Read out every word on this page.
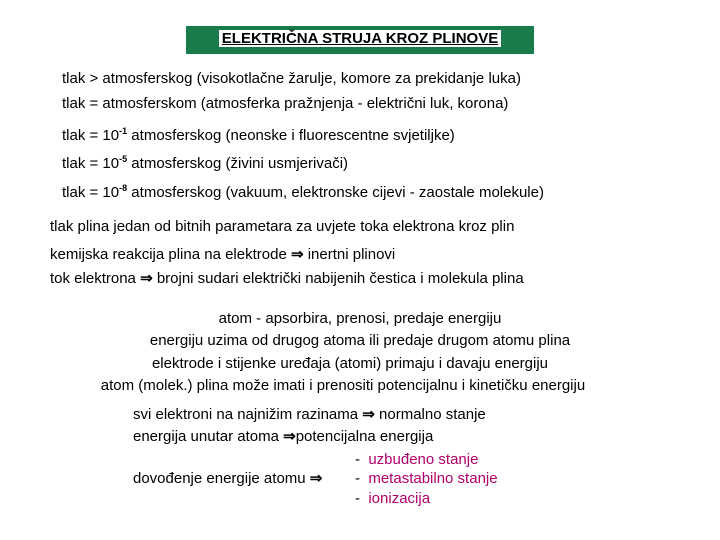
ELEKTRIČNA STRUJA KROZ PLINOVE
tlak > atmosferskog (visokotlačne žarulje, komore za prekidanje luka)
tlak = atmosferskom (atmosferka pražnjenja - električni luk, korona)
tlak = $10^{-1}$ atmosferskog (neonske i fluorescentne svjetiljke)
tlak = $10^{-5}$ atmosferskog (živini usmjerivači)
tlak = $10^{-8}$ atmosferskog (vakuum, elektronske cijevi - zaostale molekule)
tlak plina jedan od bitnih parametara za uvjete toka elektrona kroz plin
kemijska reakcija plina na elektrode ⇒ inertni plinovi
tok elektrona ⇒ brojni sudari električki nabijenih čestica i molekula plina
atom - apsorbira, prenosi, predaje energiju
energiju uzima od drugog atoma ili predaje drugom atomu plina
elektrode i stijenke uređaja (atomi) primaju i davaju energiju
atom (molek.) plina može imati i prenositi potencijalnu i kinetičku energiju
svi elektroni na najnižim razinama ⇒ normalno stanje
energija unutar atoma ⇒potencijalna energija
- uzbuđeno stanje
dovođenje energije atomu ⇒ - metastabilno stanje
- ionizacija
